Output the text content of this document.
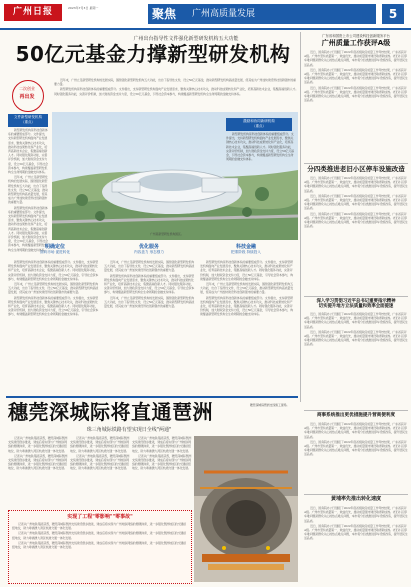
广州日报	2023年7月3日 星期一	聚焦 广州高质量发展	5
广州出台指导性文件强化新型研发机构五大功能
50亿元基金力撑新型研发机构
二次创业
再出发
文件新型研发机构
（重点）

新型研发机构是科技创新体系的重要组成部分。文件提出，支持新型研发机构面向产业发展需求，聚焦关键核心技术攻关，推动科技成果转化和产业化，培育高新技术企业，集聚高端创新人才。同时强化服务功能，完善评价机制，加大财政资金支持力度，设立50亿元基金，引导社会资本参与，构建覆盖新型研发机构全生命周期的金融支持体系。

近年来，广州立足新型研发机构的发展实际，围绕强化新型研发机构五大功能，出台了指导性文件，设立50亿元基金，推动新型研发机构高质量发展，使其成为广州加快建设科技创新强市的重要力量。

新型研发机构是科技创新体系的重要组成部分。文件提出，支持新型研发机构面向产业发展需求，聚焦关键核心技术攻关，推动科技成果转化和产业化，培育高新技术企业，集聚高端创新人才。同时强化服务功能，完善评价机制，加大财政资金支持力度，设立50亿元基金，引导社会资本参与，构建覆盖新型研发机构全生命周期的金融支持体系。

近年来，广州立足新型研发机构的发展实际，围绕强化新型研发机构五大功能，出台了指导性文件，设立50亿元基金，推动新型研发机构高质量发展，使其成为广州加快建设科技创新强市的重要力量。

新型研发机构是科技创新体系的重要组成部分。文件提出，支持新型研发机构面向产业发展需求，聚焦关键核心技术攻关，推动科技成果转化和产业化，培育高新技术企业，集聚高端创新人才。同时强化服务功能，完善评价机制，加大财政资金支持力度，设立50亿元基金，引导社会资本参与，构建覆盖新型研发机构全生命周期的金融支持体系。

广州某新型研发机构园区。
激励和协同新研机构
（重点）

新型研发机构是科技创新体系的重要组成部分。文件提出，支持新型研发机构面向产业发展需求，聚焦关键核心技术攻关，推动科技成果转化和产业化，培育高新技术企业，集聚高端创新人才。同时强化服务功能，完善评价机制，加大财政资金支持力度，设立50亿元基金，引导社会资本参与，构建覆盖新型研发机构全生命周期的金融支持体系。

明确定位
面向市场 促进转化
优化服务
内容盖力 形态强力
科技金融
把准阶段 持续投入

新型研发机构是科技创新体系的重要组成部分。文件提出，支持新型研发机构面向产业发展需求，聚焦关键核心技术攻关，推动科技成果转化和产业化，培育高新技术企业，集聚高端创新人才。同时强化服务功能，完善评价机制，加大财政资金支持力度，设立50亿元基金，引导社会资本参与，构建覆盖新型研发机构全生命周期的金融支持体系。

近年来，广州立足新型研发机构的发展实际，围绕强化新型研发机构五大功能，出台了指导性文件，设立50亿元基金，推动新型研发机构高质量发展，使其成为广州加快建设科技创新强市的重要力量。

新型研发机构是科技创新体系的重要组成部分。文件提出，支持新型研发机构面向产业发展需求，聚焦关键核心技术攻关，推动科技成果转化和产业化，培育高新技术企业，集聚高端创新人才。同时强化服务功能，完善评价机制，加大财政资金支持力度，设立50亿元基金，引导社会资本参与，构建覆盖新型研发机构全生命周期的金融支持体系。

近年来，广州立足新型研发机构的发展实际，围绕强化新型研发机构五大功能，出台了指导性文件，设立50亿元基金，推动新型研发机构高质量发展，使其成为广州加快建设科技创新强市的重要力量。

新型研发机构是科技创新体系的重要组成部分。文件提出，支持新型研发机构面向产业发展需求，聚焦关键核心技术攻关，推动科技成果转化和产业化，培育高新技术企业，集聚高端创新人才。同时强化服务功能，完善评价机制，加大财政资金支持力度，设立50亿元基金，引导社会资本参与，构建覆盖新型研发机构全生命周期的金融支持体系。

近年来，广州立足新型研发机构的发展实际，围绕强化新型研发机构五大功能，出台了指导性文件，设立50亿元基金，推动新型研发机构高质量发展，使其成为广州加快建设科技创新强市的重要力量。

新型研发机构是科技创新体系的重要组成部分。文件提出，支持新型研发机构面向产业发展需求，聚焦关键核心技术攻关，推动科技成果转化和产业化，培育高新技术企业，集聚高端创新人才。同时强化服务功能，完善评价机制，加大财政资金支持力度，设立50亿元基金，引导社会资本参与，构建覆盖新型研发机构全生命周期的金融支持体系。

近年来，广州立足新型研发机构的发展实际，围绕强化新型研发机构五大功能，出台了指导性文件，设立50亿元基金，推动新型研发机构高质量发展，使其成为广州加快建设科技创新强市的重要力量。

新型研发机构是科技创新体系的重要组成部分。文件提出，支持新型研发机构面向产业发展需求，聚焦关键核心技术攻关，推动科技成果转化和产业化，培育高新技术企业，集聚高端创新人才。同时强化服务功能，完善评价机制，加大财政资金支持力度，设立50亿元基金，引导社会资本参与，构建覆盖新型研发机构全生命周期的金融支持体系。

广东省和国资上市公司建设科技创新服务平台
广州质量工作获评A级

近日，国务院办公厅通报了2022年度省级政府质量工作考核结果，广东省获评A级。广州市坚持质量第一、效益优先，推动质量强市建设取得新成效。老旧小区停车难问题是群众关心的热点难点问题，本市将分四类推进停车设施改造，提升居民生活品质。

近日，国务院办公厅通报了2022年度省级政府质量工作考核结果，广东省获评A级。广州市坚持质量第一、效益优先，推动质量强市建设取得新成效。老旧小区停车难问题是群众关心的热点难点问题，本市将分四类推进停车设施改造，提升居民生活品质。

近日，国务院办公厅通报了2022年度省级政府质量工作考核结果，广东省获评A级。广州市坚持质量第一、效益优先，推动质量强市建设取得新成效。老旧小区停车难问题是群众关心的热点难点问题，本市将分四类推进停车设施改造，提升居民生活品质。

分四类推进老旧小区停车设施改造

近日，国务院办公厅通报了2022年度省级政府质量工作考核结果，广东省获评A级。广州市坚持质量第一、效益优先，推动质量强市建设取得新成效。老旧小区停车难问题是群众关心的热点难点问题，本市将分四类推进停车设施改造，提升居民生活品质。

近日，国务院办公厅通报了2022年度省级政府质量工作考核结果，广东省获评A级。广州市坚持质量第一、效益优先，推动质量强市建设取得新成效。老旧小区停车难问题是群众关心的热点难点问题，本市将分四类推进停车设施改造，提升居民生活品质。

近日，国务院办公厅通报了2022年度省级政府质量工作考核结果，广东省获评A级。广州市坚持质量第一、效益优先，推动质量强市建设取得新成效。老旧小区停车难问题是群众关心的热点难点问题，本市将分四类推进停车设施改造，提升居民生活品质。

深入学习贯彻习近平总书记重要指示精神
切实提升地方立法质量和效率全面提速

近日，国务院办公厅通报了2022年度省级政府质量工作考核结果，广东省获评A级。广州市坚持质量第一、效益优先，推动质量强市建设取得新成效。老旧小区停车难问题是群众关心的热点难点问题，本市将分四类推进停车设施改造，提升居民生活品质。

近日，国务院办公厅通报了2022年度省级政府质量工作考核结果，广东省获评A级。广州市坚持质量第一、效益优先，推动质量强市建设取得新成效。老旧小区停车难问题是群众关心的热点难点问题，本市将分四类推进停车设施改造，提升居民生活品质。

商事系统推出更优措施提升营商便利度

近日，国务院办公厅通报了2022年度省级政府质量工作考核结果，广东省获评A级。广州市坚持质量第一、效益优先，推动质量强市建设取得新成效。老旧小区停车难问题是群众关心的热点难点问题，本市将分四类推进停车设施改造，提升居民生活品质。

近日，国务院办公厅通报了2022年度省级政府质量工作考核结果，广东省获评A级。广州市坚持质量第一、效益优先，推动质量强市建设取得新成效。老旧小区停车难问题是群众关心的热点难点问题，本市将分四类推进停车设施改造，提升居民生活品质。

黄埔率先推出转化速度

近日，国务院办公厅通报了2022年度省级政府质量工作考核结果，广东省获评A级。广州市坚持质量第一、效益优先，推动质量强市建设取得新成效。老旧小区停车难问题是群众关心的热点难点问题，本市将分四类推进停车设施改造，提升居民生活品质。

近日，国务院办公厅通报了2022年度省级政府质量工作考核结果，广东省获评A级。广州市坚持质量第一、效益优先，推动质量强市建设取得新成效。老旧小区停车难问题是群众关心的热点难点问题，本市将分四类推进停车设施改造，提升居民生活品质。

穗莞深城际将直通琶洲
珠三角城际铁路有望实现日全线"两通"
穗莞深城际琶洲支线施工现场。

记者从广州地铁集团获悉，穗莞深城际琶洲支线建设稳步推进，建成后将实现与广州地铁网络的便捷换乘，进一步强化琶洲地区的交通枢纽地位，助力粤港澳大湾区轨道交通一体化发展。

记者从广州地铁集团获悉，穗莞深城际琶洲支线建设稳步推进，建成后将实现与广州地铁网络的便捷换乘，进一步强化琶洲地区的交通枢纽地位，助力粤港澳大湾区轨道交通一体化发展。

记者从广州地铁集团获悉，穗莞深城际琶洲支线建设稳步推进，建成后将实现与广州地铁网络的便捷换乘，进一步强化琶洲地区的交通枢纽地位，助力粤港澳大湾区轨道交通一体化发展。

记者从广州地铁集团获悉，穗莞深城际琶洲支线建设稳步推进，建成后将实现与广州地铁网络的便捷换乘，进一步强化琶洲地区的交通枢纽地位，助力粤港澳大湾区轨道交通一体化发展。

记者从广州地铁集团获悉，穗莞深城际琶洲支线建设稳步推进，建成后将实现与广州地铁网络的便捷换乘，进一步强化琶洲地区的交通枢纽地位，助力粤港澳大湾区轨道交通一体化发展。

记者从广州地铁集团获悉，穗莞深城际琶洲支线建设稳步推进，建成后将实现与广州地铁网络的便捷换乘，进一步强化琶洲地区的交通枢纽地位，助力粤港澳大湾区轨道交通一体化发展。

实现了工程"零影响""零事故"

记者从广州地铁集团获悉，穗莞深城际琶洲支线建设稳步推进，建成后将实现与广州地铁网络的便捷换乘，进一步强化琶洲地区的交通枢纽地位，助力粤港澳大湾区轨道交通一体化发展。

记者从广州地铁集团获悉，穗莞深城际琶洲支线建设稳步推进，建成后将实现与广州地铁网络的便捷换乘，进一步强化琶洲地区的交通枢纽地位，助力粤港澳大湾区轨道交通一体化发展。

记者从广州地铁集团获悉，穗莞深城际琶洲支线建设稳步推进，建成后将实现与广州地铁网络的便捷换乘，进一步强化琶洲地区的交通枢纽地位，助力粤港澳大湾区轨道交通一体化发展。
